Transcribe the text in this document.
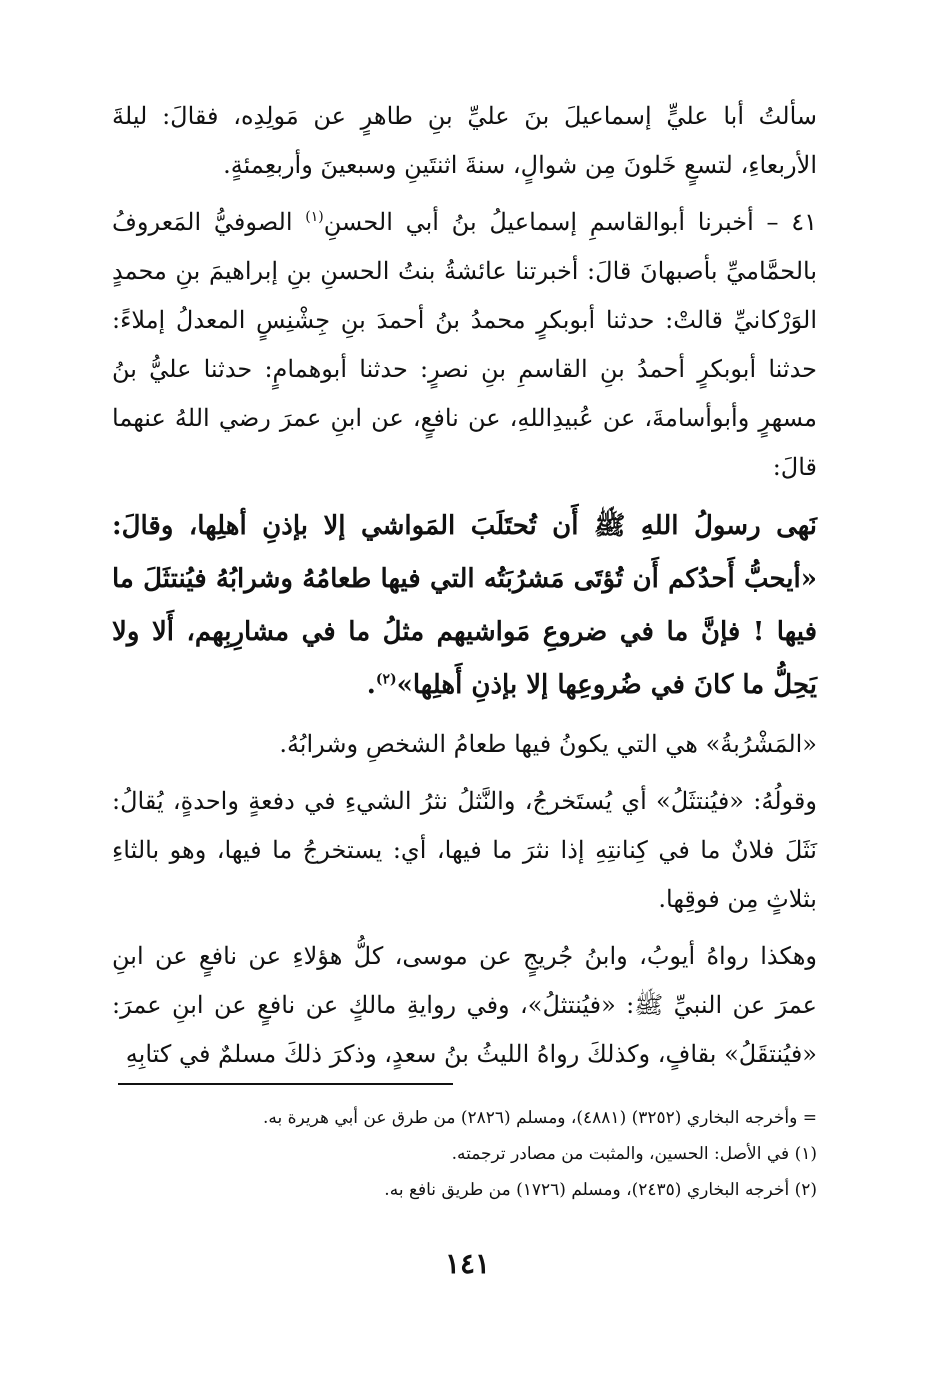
سألتُ أبا عليٍّ إسماعيلَ بنَ عليِّ بنِ طاهرٍ عن مَولِدِه، فقالَ: ليلةَ الأربعاءِ، لتسعٍ خَلونَ مِن شوالٍ، سنةَ اثنتَينِ وسبعينَ وأربعِمئةٍ.

٤١ – أخبرنا أبوالقاسمِ إسماعيلُ بنُ أبي الحسنِ$^{(١)}$ الصوفيُّ المَعروفُ بالحمَّاميِّ بأصبهانَ قالَ: أخبرتنا عائشةُ بنتُ الحسنِ بنِ إبراهيمَ بنِ محمدٍ الوَرْكانيِّ قالتْ: حدثنا أبوبكرٍ محمدُ بنُ أحمدَ بنِ جِشْنِسٍ المعدلُ إملاءً: حدثنا أبوبكرٍ أحمدُ بنِ القاسمِ بنِ نصرٍ: حدثنا أبوهمامٍ: حدثنا عليُّ بنُ مسهرٍ وأبوأسامةَ، عن عُبيدِاللهِ، عن نافعٍ، عن ابنِ عمرَ رضي اللهُ عنهما قالَ:

نَهى رسولُ اللهِ ﷺ أَن تُحتَلَبَ المَواشي إلا بإذنِ أهلِها، وقالَ: «أيحبُّ أَحدُكم أَن تُؤتَى مَشرُبَتُه التي فيها طعامُهُ وشرابُهُ فيُنتثَلَ ما فيها ! فإنَّ ما في ضروعِ مَواشيهم مثلُ ما في مشارِبِهم، أَلا ولا يَحِلُّ ما كانَ في ضُروعِها إلا بإذنِ أَهلِها»$^{(٢)}$.

«المَشْرُبةُ» هي التي يكونُ فيها طعامُ الشخصِ وشرابُهُ.

وقولُهُ: «فيُنتثَلُ» أي يُستَخرجُ، والنَّثلُ نثرُ الشيءِ في دفعةٍ واحدةٍ، يُقالُ: نَثَلَ فلانٌ ما في كِنانتِهِ إذا نثرَ ما فيها، أي: يستخرجُ ما فيها، وهو بالثاءِ بثلاثٍ مِن فوقِها.

وهكذا رواهُ أيوبُ، وابنُ جُريجٍ عن موسى، كلُّ هؤلاءِ عن نافعٍ عن ابنِ عمرَ عن النبيِّ ﷺ: «فيُنتثلُ»، وفي روايةِ مالكٍ عن نافعٍ عن ابنِ عمرَ: «فيُنتقَلُ» بقافٍ، وكذلكَ رواهُ الليثُ بنُ سعدٍ، وذكرَ ذلكَ مسلمٌ في كتابِهِ

= وأخرجه البخاري (٣٢٥٢) (٤٨٨١)، ومسلم (٢٨٢٦) من طرق عن أبي هريرة به.

(١) في الأصل: الحسين، والمثبت من مصادر ترجمته.

(٢) أخرجه البخاري (٢٤٣٥)، ومسلم (١٧٢٦) من طريق نافع به.

١٤١
